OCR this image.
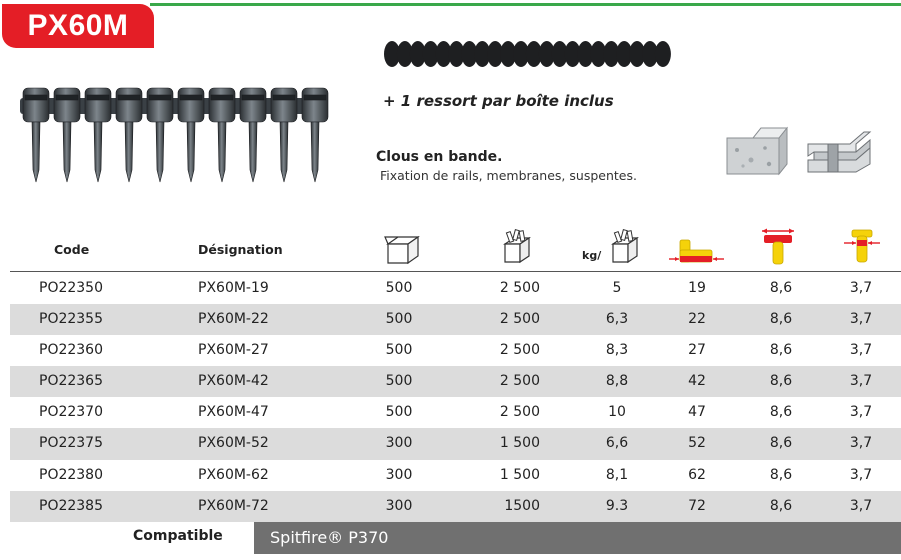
PX60M
+ 1 ressort par boîte inclus
Clous en bande.
Fixation de rails, membranes, suspentes.
Code	Désignation	kg/
PO22350	PX60M-19	500	2 500	5	19	8,6	3,7
PO22355	PX60M-22	500	2 500	6,3	22	8,6	3,7
PO22360	PX60M-27	500	2 500	8,3	27	8,6	3,7
PO22365	PX60M-42	500	2 500	8,8	42	8,6	3,7
PO22370	PX60M-47	500	2 500	10	47	8,6	3,7
PO22375	PX60M-52	300	1 500	6,6	52	8,6	3,7
PO22380	PX60M-62	300	1 500	8,1	62	8,6	3,7
PO22385	PX60M-72	300	1500	9.3	72	8,6	3,7
Compatible	Spitfire® P370
